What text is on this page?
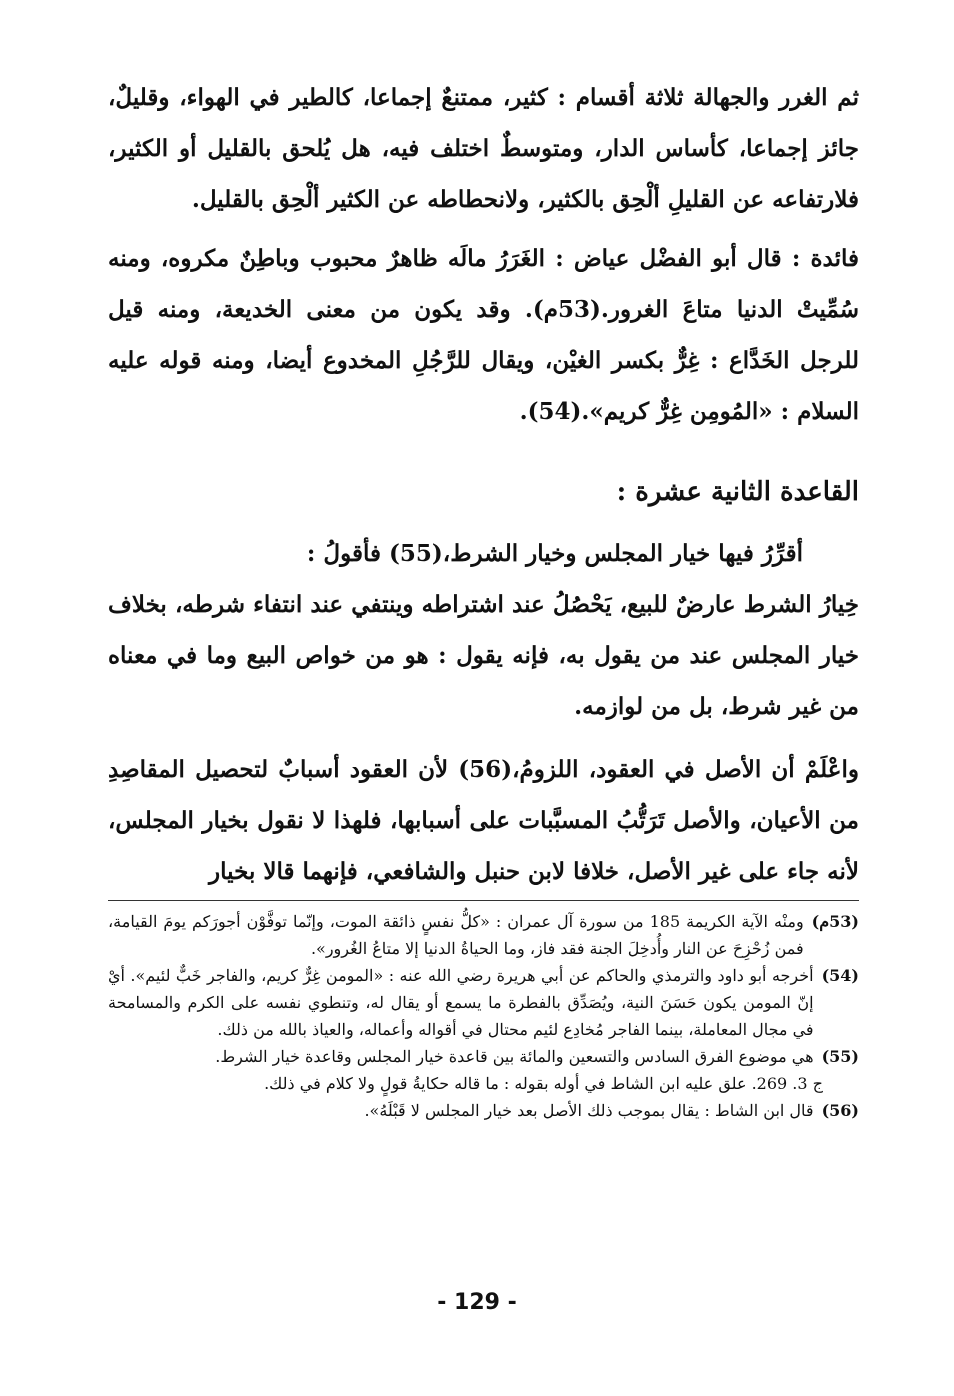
ثم الغرر والجهالة ثلاثة أقسام : كثير، ممتنعٌ إجماعا، كالطير في الهواء، وقليلٌ، جائز إجماعا، كأساس الدار، ومتوسطٌ اختلف فيه، هل يُلحق بالقليل أو الكثير، فلارتفاعه عن القليلِ ألْحِق بالكثير، ولانحطاطه عن الكثير ألْحِق بالقليل.

فائدة : قال أبو الفضْل عياض : الغَرَرُ مالَه ظاهرٌ محبوب وباطِنٌ مكروه، ومنه سُمِّيتْ الدنيا متاعَ الغرور.(53م). وقد يكون من معنى الخديعة، ومنه قيل للرجل الخَدَّاع : غِرٌّ بكسر الغيْن، ويقال للرَّجُلِ المخدوع أيضا، ومنه قوله عليه السلام : «المُومِن غِرٌّ كريم».(54).

القاعدة الثانية عشرة :

أقرِّرُ فيها خيار المجلس وخيار الشرط،(55) فأقولُ :

خِيارُ الشرط عارضٌ للبيع، يَحْصُلُ عند اشتراطه وينتفي عند انتفاء شرطه، بخلاف خيار المجلس عند من يقول به، فإنه يقول : هو من خواص البيع وما في معناه من غير شرط، بل من لوازمه.

واعْلَمْ أن الأصل في العقود، اللزومُ،(56) لأن العقود أسبابٌ لتحصيل المقاصِدِ من الأعيان، والأصل تَرَتُّبُ المسبَّبات على أسبابها، فلهذا لا نقول بخيار المجلس، لأنه جاء على غير الأصل، خلافا لابن حنبل والشافعي، فإنهما قالا بخيار

(53م)
ومنْه الآية الكريمة 185 من سورة آل عمران : «كلُّ نفسٍ ذائقة الموت، وإنّما توفَّوْن أجورَكم يومَ القيامة، فمن زُحْزِحَ عن النار وأُدخِلَ الجنة فقد فاز، وما الحياةُ الدنيا إلا متاعُ الغُرور».
(54)
أخرجه أبو داود والترمذي والحاكم عن أبي هريرة رضي الله عنه : «المومن غِرٌّ كريم، والفاجر خَبٌّ لئيم». أيْ إنّ المومن يكون حَسَنَ النية، ويُصَدِّق بالفطرة ما يسمع أو يقال له، وتنطوي نفسه على الكرم والمسامحة في مجال المعاملة، بينما الفاجر مُخادِع لئيم محتال في أقواله وأعماله، والعياذ بالله من ذلك.
(55)
هي موضوع الفرق السادس والتسعين والمائة بين قاعدة خيار المجلس وقاعدة خيار الشرط.
ج 3. 269. علق عليه ابن الشاط في أوله بقوله : ما قاله حكايةُ قولٍ ولا كلام في ذلك.
(56)
قال ابن الشاط : يقال بموجب ذلك الأصل بعد خيار المجلس لا قَبْلَهُ».
- 129 -
